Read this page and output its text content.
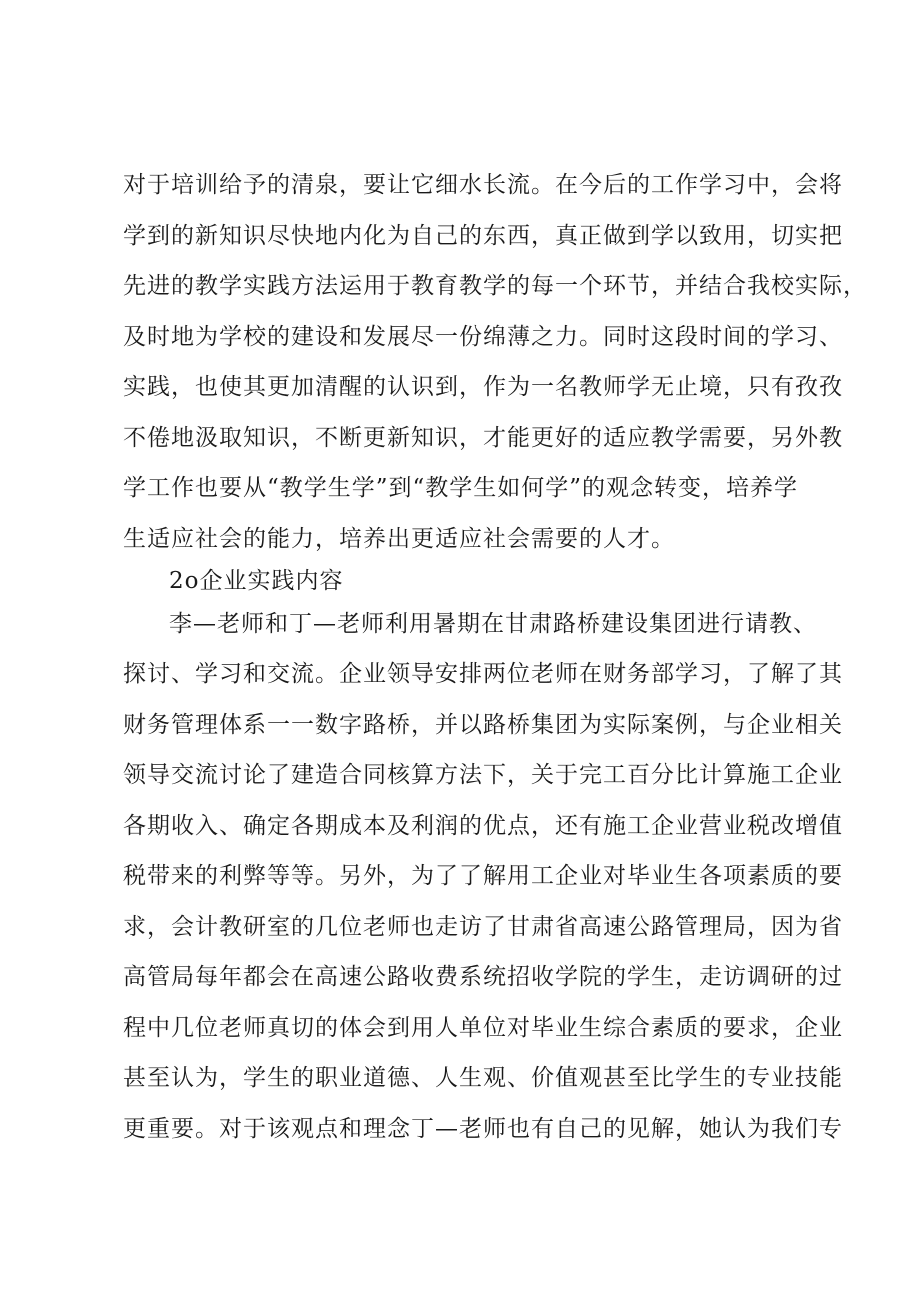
对于培训给予的清泉，要让它细水长流。在今后的工作学习中，会将
学到的新知识尽快地内化为自己的东西，真正做到学以致用，切实把
先进的教学实践方法运用于教育教学的每一个环节，并结合我校实际，
及时地为学校的建设和发展尽一份绵薄之力。同时这段时间的学习、
实践，也使其更加清醒的认识到，作为一名教师学无止境，只有孜孜
不倦地汲取知识，不断更新知识，才能更好的适应教学需要，另外教
学工作也要从“教学生学”到“教学生如何学”的观念转变，培养学
生适应社会的能力，培养出更适应社会需要的人才。
2o企业实践内容
李—老师和丁—老师利用暑期在甘肃路桥建设集团进行请教、
探讨、学习和交流。企业领导安排两位老师在财务部学习，了解了其
财务管理体系一一数字路桥，并以路桥集团为实际案例，与企业相关
领导交流讨论了建造合同核算方法下，关于完工百分比计算施工企业
各期收入、确定各期成本及利润的优点，还有施工企业营业税改增值
税带来的利弊等等。另外，为了了解用工企业对毕业生各项素质的要
求，会计教研室的几位老师也走访了甘肃省高速公路管理局，因为省
高管局每年都会在高速公路收费系统招收学院的学生，走访调研的过
程中几位老师真切的体会到用人单位对毕业生综合素质的要求，企业
甚至认为，学生的职业道德、人生观、价值观甚至比学生的专业技能
更重要。对于该观点和理念丁—老师也有自己的见解，她认为我们专
